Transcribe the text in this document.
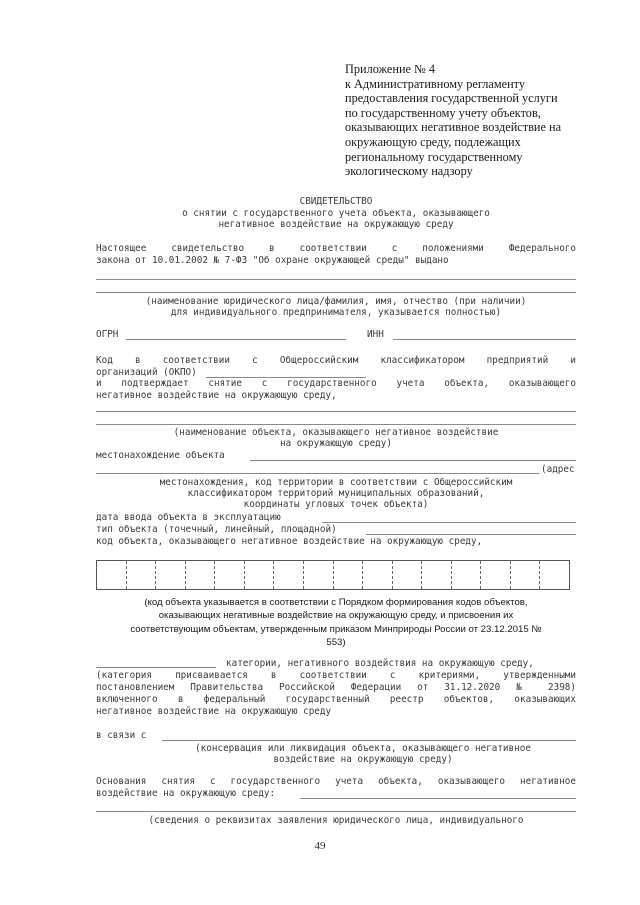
Приложение № 4
к Административному регламенту
предоставления государственной услуги
по государственному учету объектов,
оказывающих негативное воздействие на
окружающую среду, подлежащих
региональному государственному
экологическому надзору
СВИДЕТЕЛЬСТВО
о снятии с государственного учета объекта, оказывающего
негативное воздействие на окружающую среду
Настоящее свидетельство в соответствии с положениями Федерального
закона от 10.01.2002 № 7-ФЗ "Об охране окружающей среды" выдано
(наименование юридического лица/фамилия, имя, отчество (при наличии)
для индивидуального предпринимателя, указывается полностью)
ОГРН	ИНН
Код в соответствии с Общероссийским классификатором предприятий и
организаций (ОКПО)
и подтверждает снятие с государственного учета объекта, оказывающего
негативное воздействие на окружающую среду,
(наименование объекта, оказывающего негативное воздействие
на окружающую среду)
местонахождение объекта
(адрес
местонахождения, код территории в соответствии с Общероссийским
классификатором территорий муниципальных образований,
координаты угловых точек объекта)
дата ввода объекта в эксплуатацию
тип объекта (точечный, линейный, площадной)
код объекта, оказывающего негативное воздействие на окружающую среду,
(код объекта указывается в соответствии с Порядком формирования кодов объектов,
оказывающих негативные воздействие на окружающую среду, и присвоения их
соответствующим объектам, утвержденным приказом Минприроды России от 23.12.2015 №
553)
категории, негативного воздействия на окружающую среду,
(категория присваивается в соответствии с критериями, утвержденными
постановлением Правительства Российской Федерации от 31.12.2020 № 2398)
включенного в федеральный государственный реестр объектов, оказывающих
негативное воздействие на окружающую среду
в связи с
(консервация или ликвидация объекта, оказывающего негативное
воздействие на окружающую среду)
Основания снятия с государственного учета объекта, оказывающего негативное
воздействие на окружающую среду:
(сведения о реквизитах заявления юридического лица, индивидуального
49
